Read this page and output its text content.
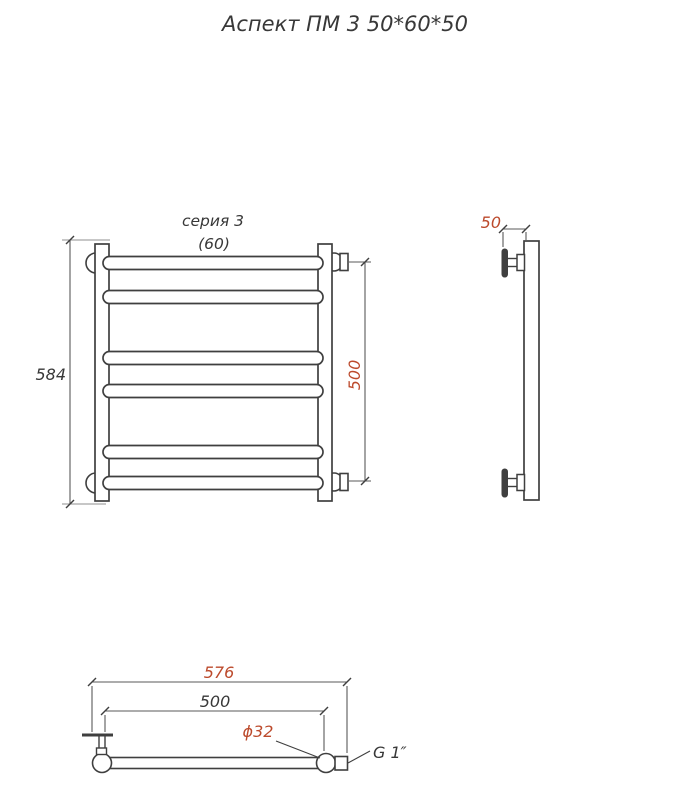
Аспект ПМ 3 50*60*50
серия 3
(60)
584	500
50
576
500
ϕ32
G 1″
